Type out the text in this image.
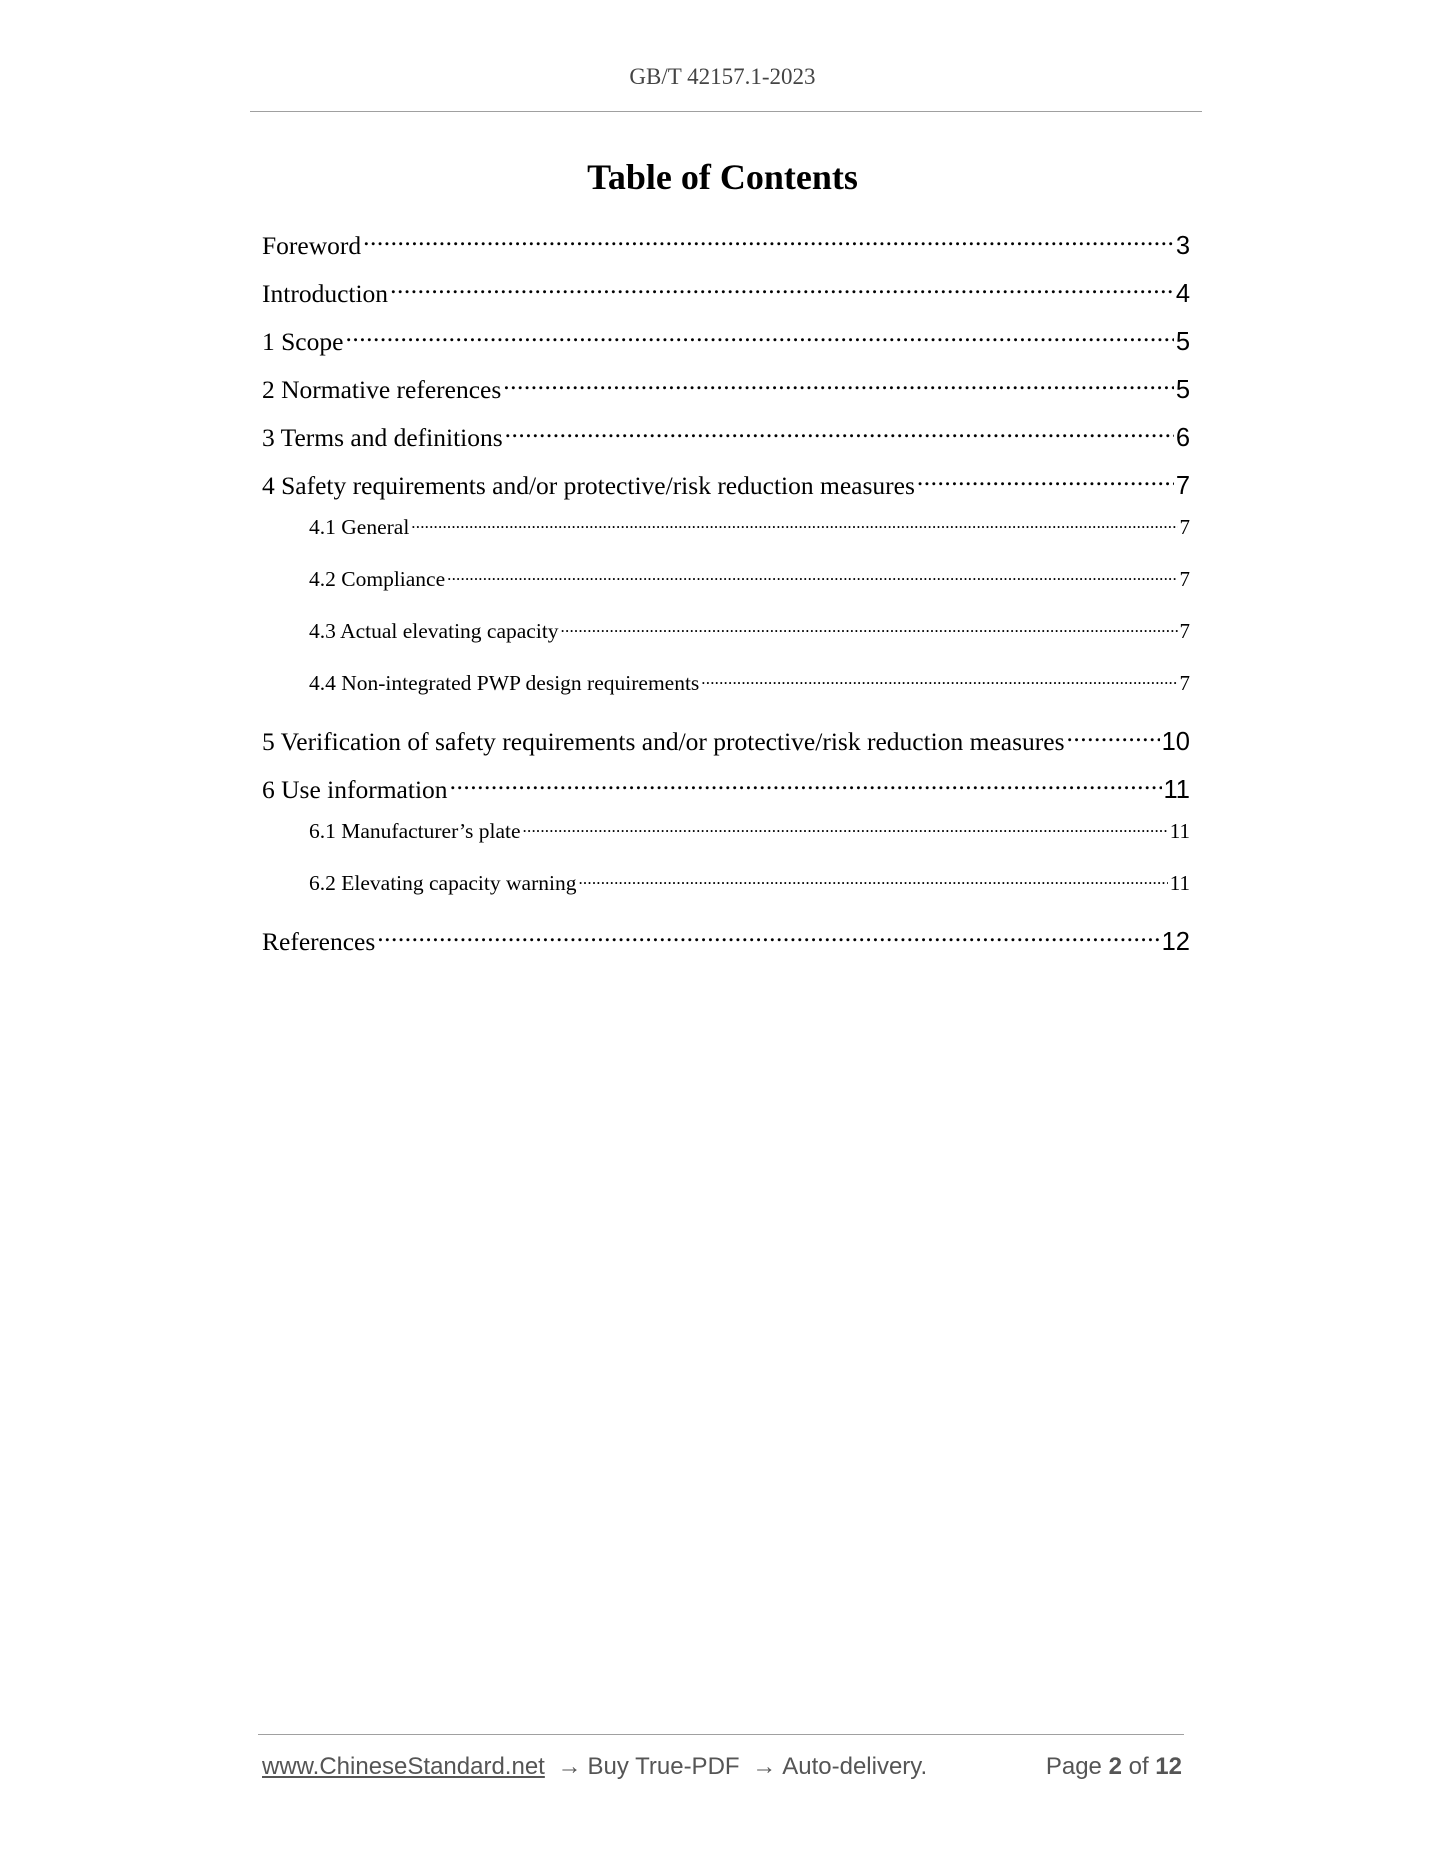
GB/T 42157.1-2023
Table of Contents
Foreword .....	3
Introduction .....	4
1 Scope .....	5
2 Normative references .....	5
3 Terms and definitions .....	6
4 Safety requirements and/or protective/risk reduction measures .....	7
4.1 General .....	7
4.2 Compliance .....	7
4.3 Actual elevating capacity .....	7
4.4 Non-integrated PWP design requirements .....	7
5 Verification of safety requirements and/or protective/risk reduction measures .....	10
6 Use information .....	11
6.1 Manufacturer’s plate .....	11
6.2 Elevating capacity warning .....	11
References .....	12
www.ChineseStandard.net → Buy True-PDF → Auto-delivery.	Page 2 of 12
